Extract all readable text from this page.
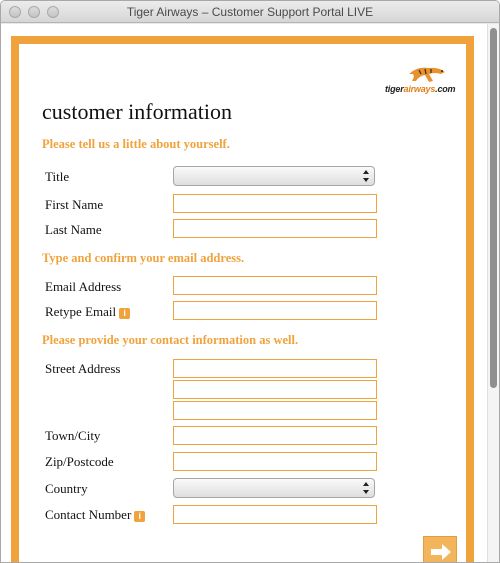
Tiger Airways – Customer Support Portal LIVE
tigerairways.com
customer information
Please tell us a little about yourself.
Title
First Name
Last Name
Type and confirm your email address.
Email Address
Retype Email i
Please provide your contact information as well.
Street Address
Town/City
Zip/Postcode
Country
Contact Number i
